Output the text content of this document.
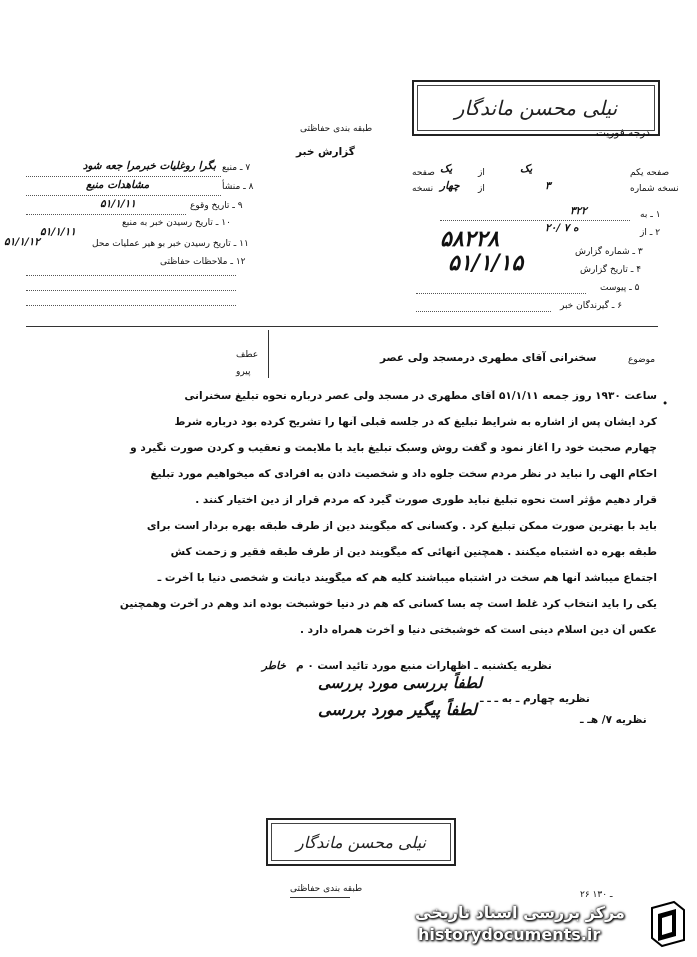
ﻧﯿﻠﯽ ﻣﺤﺴﻦ ﻣﺎﻧﺪﮔﺎﺭ
درجه فوریت
طبقه بندی حفاظتی
گزارش خبر
۷ ـ منبع
بگرا روغلیات خبرمرا جعه شود
۸ ـ منشأ
مشاهدات منبع
۹ ـ تاریخ وقوع
۵۱/۱/۱۱
۱۰ ـ تاریخ رسیدن خبر به منبع
۵۱/۱/۱۱
۱۱ ـ تاریخ رسیدن خبر بو هیر عملیات محل
۵۱/۱/۱۲
۱۲ ـ ملاحظات حفاظتی
صفحه یکم
یک
از
یک
صفحه
نسخه شماره
۳
از
چهار
نسخه
۱ ـ به
۳۲۲
۲ ـ از
۲۰/ ه ۷
۳ ـ شماره گزارش
۵۸۲۲۸
۴ ـ تاریخ گزارش
۵۱/۱/۱۵
۵ ـ پیوست
۶ ـ گیرندگان خبر
عطف
پیرو
موضوع
سخنرانی آقای مطهری درمسجد ولی عصر
•
ساعت ۱۹۳۰ روز جمعه ۵۱/۱/۱۱ آقای مطهری در مسجد ولی عصر درباره نحوه تبلیغ سخنرانی
کرد ایشان پس از اشاره به شرایط تبلیغ که در جلسه قبلی آنها را تشریح کرده بود درباره شرط
چهارم صحبت خود را آغاز نمود و گفت روش وسبک تبلیغ باید با ملایمت و تعقیب و کردن صورت نگیرد و
احکام الهی را نباید در نظر مردم سخت جلوه داد و شخصیت دادن به افرادی که میخواهیم مورد تبلیغ
قرار دهیم مؤثر است نحوه تبلیغ نباید طوری صورت گیرد که مردم قرار از دین اختیار کنند .
باید با بهترین صورت ممکن تبلیغ کرد . وکسانی که میگویند دین از طرف طبقه بهره بردار است برای
طبقه بهره ده اشتباه میکنند . همچنین آنهائی که میگویند دین از طرف طبقه فقیر و زحمت کش
اجتماع میباشد آنها هم سخت در اشتباه میباشند کلیه هم که میگویند دیانت و شخصی دنیا با آخرت ـ
یکی را باید انتخاب کرد غلط است چه بسا کسانی که هم در دنیا خوشبخت بوده اند وهم در آخرت وهمچنین
عکس آن دین اسلام دینی است که خوشبختی دنیا و آخرت همراه دارد .
نظریه یکشنبه ـ اظهارات منبع مورد تائید است ۰ م
خاطر
نظریه چهارم ـ به ـ ـ ـ
نظریه ۷/ هـ ـ
لطفاً بررسی مورد بررسی
لطفاً پیگیر مورد بررسی
ﻧﯿﻠﯽ ﻣﺤﺴﻦ ﻣﺎﻧﺪﮔﺎﺭ
طبقه بندی حفاظتی
۲۶ ـ ۱۳۰
مرکز بررسی اسناد تاریخی
historydocuments.ir
